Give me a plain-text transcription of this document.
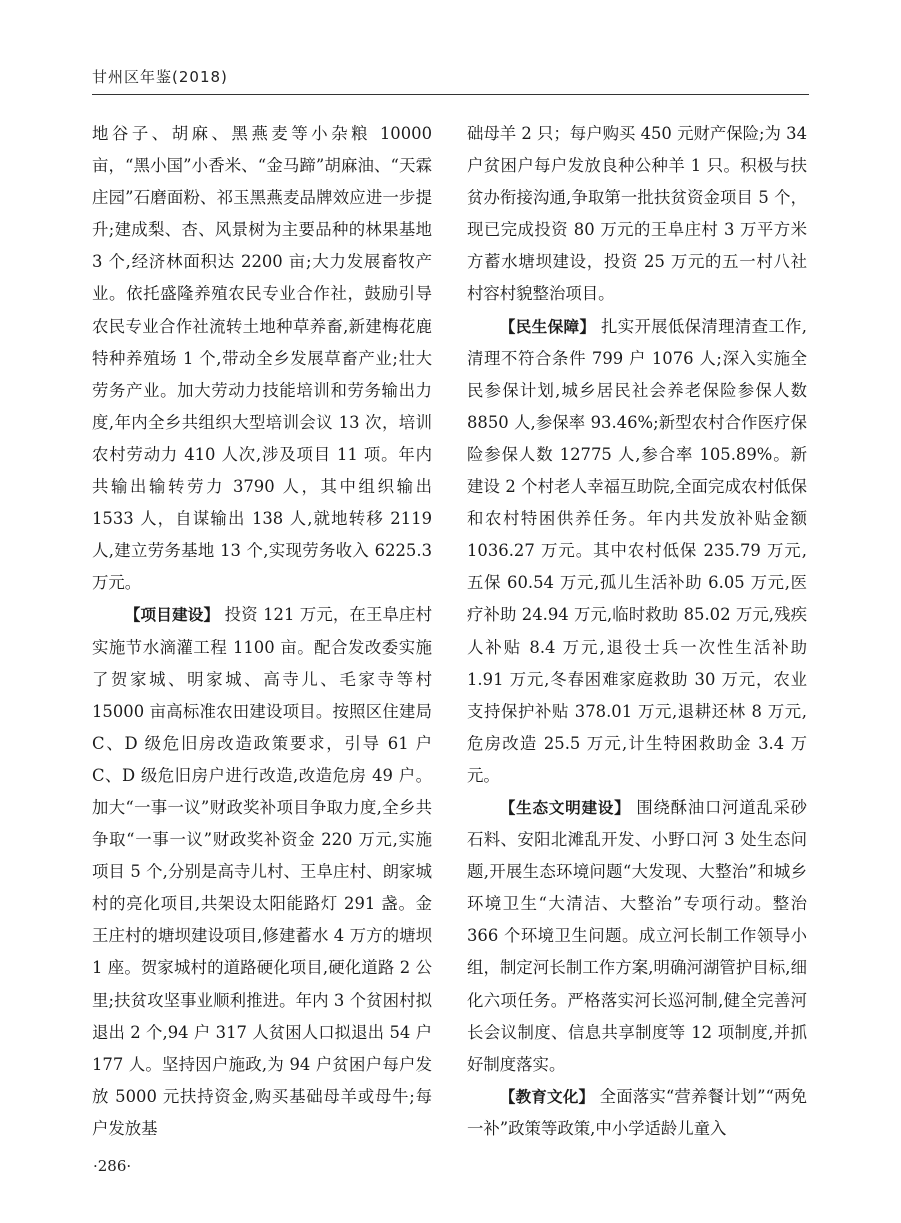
甘州区年鉴(2018)

地谷子、胡麻、黑燕麦等小杂粮 10000 亩，“黑小国”小香米、“金马蹄”胡麻油、“天霖庄园”石磨面粉、祁玉黑燕麦品牌效应进一步提升;建成梨、杏、风景树为主要品种的林果基地 3 个,经济林面积达 2200 亩;大力发展畜牧产业。依托盛隆养殖农民专业合作社，鼓励引导农民专业合作社流转土地种草养畜,新建梅花鹿特种养殖场 1 个,带动全乡发展草畜产业;壮大劳务产业。加大劳动力技能培训和劳务输出力度,年内全乡共组织大型培训会议 13 次，培训农村劳动力 410 人次,涉及项目 11 项。年内共输出输转劳力 3790 人，其中组织输出 1533 人，自谋输出 138 人,就地转移 2119 人,建立劳务基地 13 个,实现劳务收入 6225.3 万元。

【项目建设】 投资 121 万元，在王阜庄村实施节水滴灌工程 1100 亩。配合发改委实施了贺家城、明家城、高寺儿、毛家寺等村 15000 亩高标准农田建设项目。按照区住建局 C、D 级危旧房改造政策要求，引导 61 户 C、D 级危旧房户进行改造,改造危房 49 户。加大“一事一议”财政奖补项目争取力度,全乡共争取“一事一议”财政奖补资金 220 万元,实施项目 5 个,分别是高寺儿村、王阜庄村、朗家城村的亮化项目,共架设太阳能路灯 291 盏。金王庄村的塘坝建设项目,修建蓄水 4 万方的塘坝 1 座。贺家城村的道路硬化项目,硬化道路 2 公里;扶贫攻坚事业顺利推进。年内 3 个贫困村拟退出 2 个,94 户 317 人贫困人口拟退出 54 户 177 人。坚持因户施政,为 94 户贫困户每户发放 5000 元扶持资金,购买基础母羊或母牛;每户发放基

础母羊 2 只；每户购买 450 元财产保险;为 34 户贫困户每户发放良种公种羊 1 只。积极与扶贫办衔接沟通,争取第一批扶贫资金项目 5 个，现已完成投资 80 万元的王阜庄村 3 万平方米方蓄水塘坝建设，投资 25 万元的五一村八社村容村貌整治项目。

【民生保障】 扎实开展低保清理清查工作,清理不符合条件 799 户 1076 人;深入实施全民参保计划,城乡居民社会养老保险参保人数 8850 人,参保率 93.46%;新型农村合作医疗保险参保人数 12775 人,参合率 105.89%。新建设 2 个村老人幸福互助院,全面完成农村低保和农村特困供养任务。年内共发放补贴金额 1036.27 万元。其中农村低保 235.79 万元,五保 60.54 万元,孤儿生活补助 6.05 万元,医疗补助 24.94 万元,临时救助 85.02 万元,残疾人补贴 8.4 万元,退役士兵一次性生活补助 1.91 万元,冬春困难家庭救助 30 万元，农业支持保护补贴 378.01 万元,退耕还林 8 万元,危房改造 25.5 万元,计生特困救助金 3.4 万元。

【生态文明建设】 围绕酥油口河道乱采砂石料、安阳北滩乱开发、小野口河 3 处生态问题,开展生态环境问题“大发现、大整治”和城乡环境卫生“大清洁、大整治”专项行动。整治 366 个环境卫生问题。成立河长制工作领导小组，制定河长制工作方案,明确河湖管护目标,细化六项任务。严格落实河长巡河制,健全完善河长会议制度、信息共享制度等 12 项制度,并抓好制度落实。

【教育文化】 全面落实“营养餐计划”“两免一补”政策等政策,中小学适龄儿童入

·286·
